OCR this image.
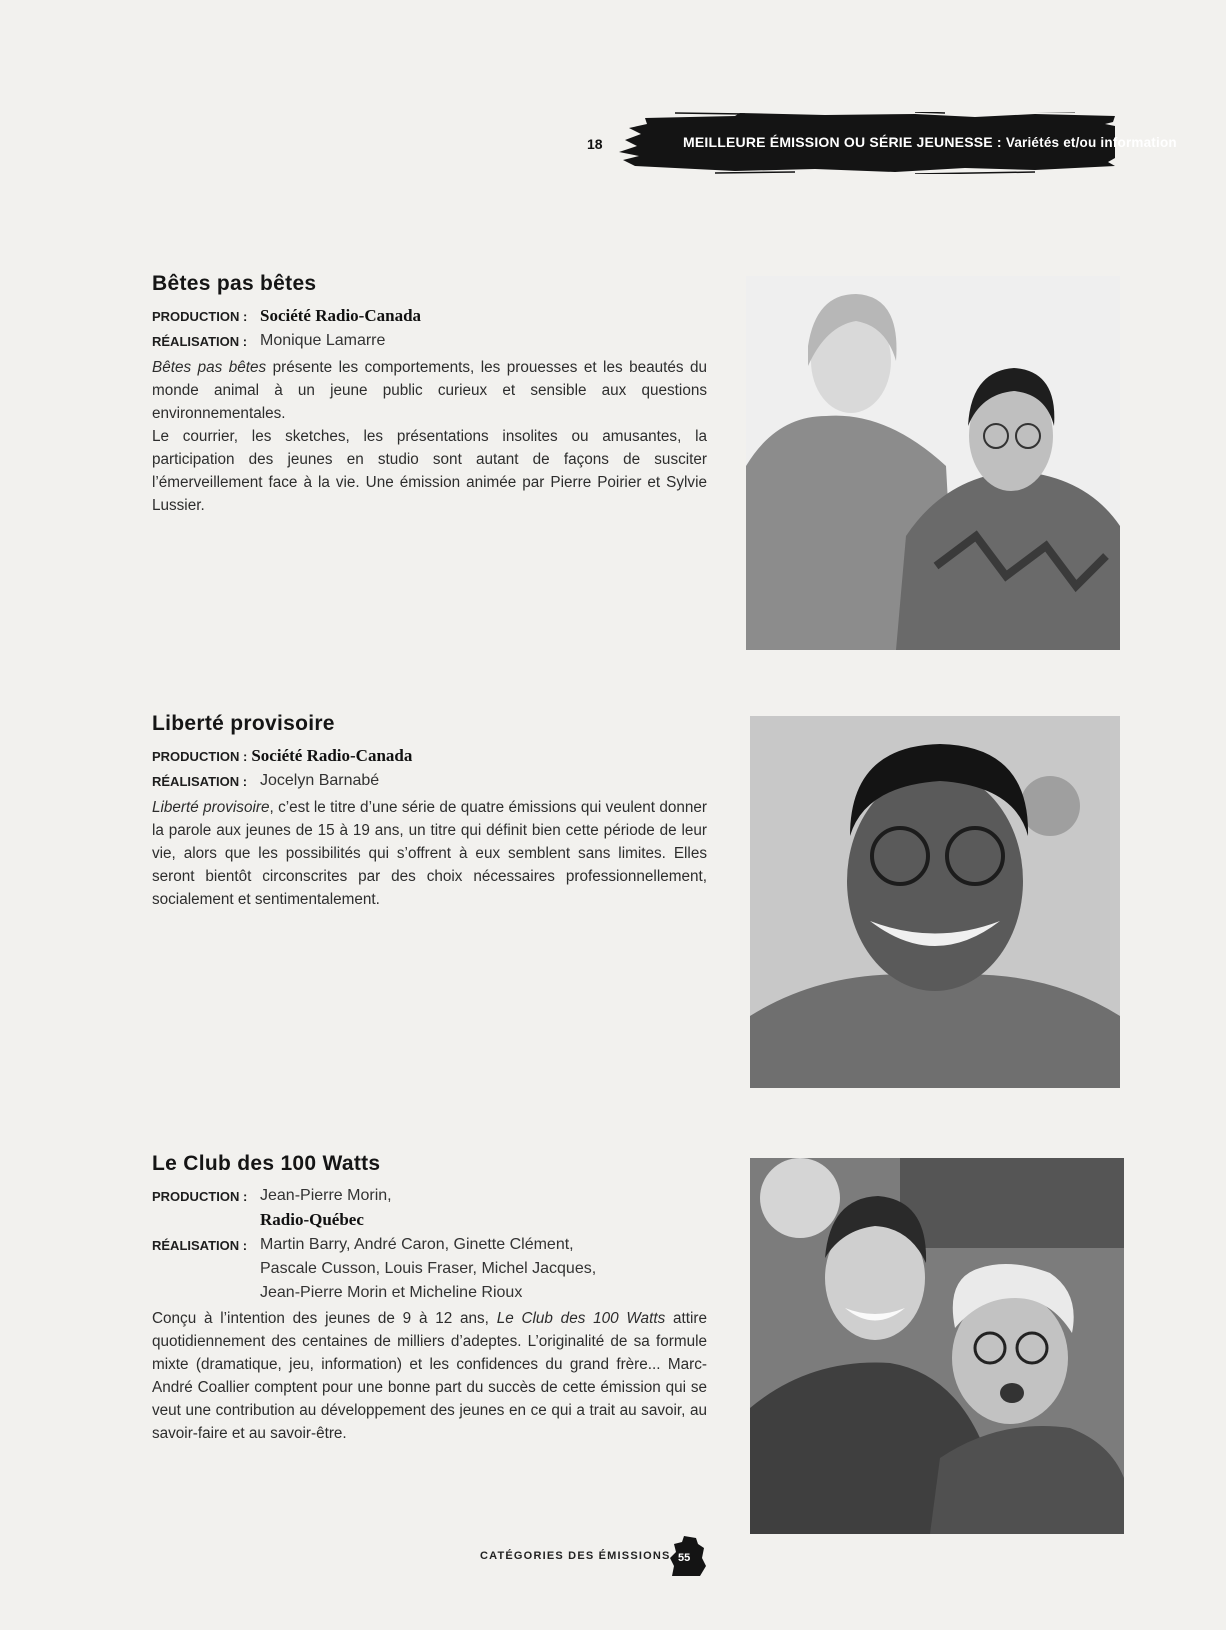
18	MEILLEURE ÉMISSION OU SÉRIE JEUNESSE : Variétés et/ou information
Bêtes pas bêtes
PRODUCTION : Société Radio-Canada
RÉALISATION : Monique Lamarre
Bêtes pas bêtes présente les comportements, les prouesses et les beautés du monde animal à un jeune public curieux et sensible aux questions environnementales.
Le courrier, les sketches, les présentations insolites ou amusantes, la participation des jeunes en studio sont autant de façons de susciter l’émerveillement face à la vie. Une émission animée par Pierre Poirier et Sylvie Lussier.
Liberté provisoire
PRODUCTION : Société Radio-Canada
RÉALISATION : Jocelyn Barnabé
Liberté provisoire, c’est le titre d’une série de quatre émissions qui veulent donner la parole aux jeunes de 15 à 19 ans, un titre qui définit bien cette période de leur vie, alors que les possibilités qui s’offrent à eux semblent sans limites. Elles seront bientôt circonscrites par des choix nécessaires professionnellement, socialement et sentimentalement.
Le Club des 100 Watts
PRODUCTION : Jean-Pierre Morin,
Radio-Québec
RÉALISATION : Martin Barry, André Caron, Ginette Clément,
Pascale Cusson, Louis Fraser, Michel Jacques,
Jean-Pierre Morin et Micheline Rioux
Conçu à l’intention des jeunes de 9 à 12 ans, Le Club des 100 Watts attire quotidiennement des centaines de milliers d’adeptes. L’originalité de sa formule mixte (dramatique, jeu, information) et les confidences du grand frère... Marc-André Coallier comptent pour une bonne part du succès de cette émission qui se veut une contribution au développement des jeunes en ce qui a trait au savoir, au savoir-faire et au savoir-être.
CATÉGORIES DES ÉMISSIONS 55
